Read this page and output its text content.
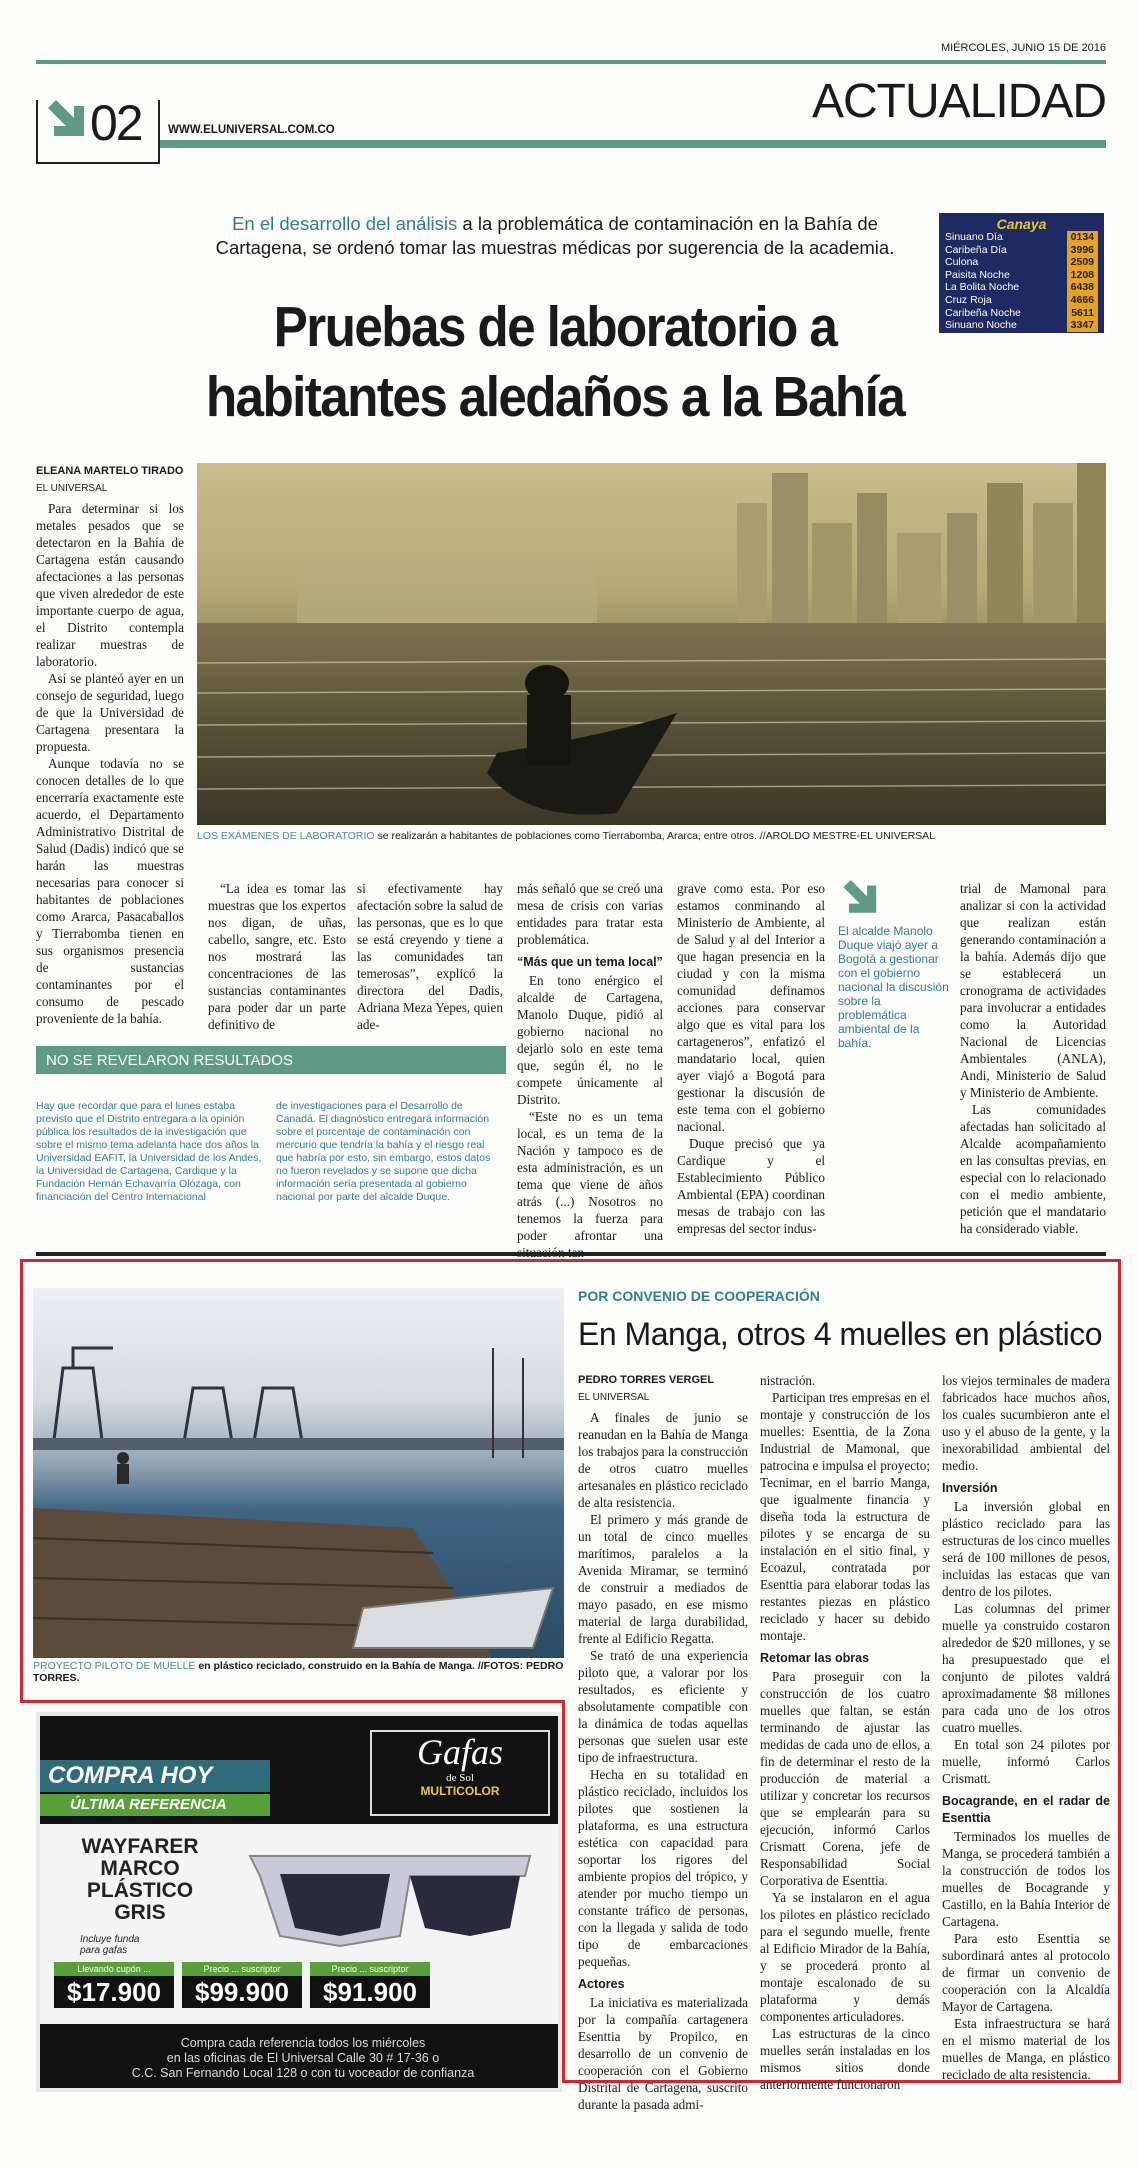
MIÉRCOLES, JUNIO 15 DE 2016
02 WWW.ELUNIVERSAL.COM.CO
ACTUALIDAD
Canaya
Sinuano Día	0134
Caribeña Día	3996
Culona	2509
Paisita Noche	1208
La Bolita Noche	6438
Cruz Roja	4666
Caribeña Noche	5611
Sinuano Noche	3347
En el desarrollo del análisis a la problemática de contaminación en la Bahía de Cartagena, se ordenó tomar las muestras médicas por sugerencia de la academia.
Pruebas de laboratorio a
habitantes aledaños a la Bahía
LOS EXÁMENES DE LABORATORIO se realizarán a habitantes de poblaciones como Tierrabomba, Ararca, entre otros. //AROLDO MESTRE-EL UNIVERSAL
ELEANA MARTELO TIRADO
EL UNIVERSAL

Para determinar si los metales pesados que se detectaron en la Bahía de Cartagena están causando afectaciones a las personas que viven alrededor de este importante cuerpo de agua, el Distrito contempla realizar muestras de laboratorio.

Así se planteó ayer en un consejo de seguridad, luego de que la Universidad de Cartagena presentara la propuesta.

Aunque todavía no se conocen detalles de lo que encerraría exactamente este acuerdo, el Departamento Administrativo Distrital de Salud (Dadis) indicó que se harán las muestras necesarias para conocer si habitantes de poblaciones como Ararca, Pasacaballos y Tierrabomba tienen en sus organismos presencia de sustancias contaminantes por el consumo de pescado proveniente de la bahía.

“La idea es tomar las muestras que los expertos nos digan, de uñas, cabello, sangre, etc. Esto nos mostrará las concentraciones de las sustancias contaminantes para poder dar un parte definitivo de

si efectivamente hay afectación sobre la salud de las personas, que es lo que se está creyendo y tiene a las comunidades tan temerosas”, explicó la directora del Dadis, Adriana Meza Yepes, quien ade-

más señaló que se creó una mesa de crisis con varias entidades para tratar esta problemática.

“Más que un tema local”

En tono enérgico el alcalde de Cartagena, Manolo Duque, pidió al gobierno nacional no dejarlo solo en este tema que, según él, no le compete únicamente al Distrito.

“Este no es un tema local, es un tema de la Nación y tampoco es de esta administración, es un tema que viene de años atrás (...) Nosotros no tenemos la fuerza para poder afrontar una

grave como esta. Por eso estamos conminando al Ministerio de Ambiente, al de Salud y al del Interior a que hagan presencia en la ciudad y con la misma comunidad definamos acciones para conservar algo que es vital para los cartageneros”, enfatizó el mandatario local, quien ayer viajó a Bogotá para gestionar la discusión de este tema con el gobierno nacional.

Duque precisó que ya Cardique y el Establecimiento Público Ambiental (EPA) coordinan mesas de trabajo con las empresas del sector indus-

El alcalde Manolo Duque viajó ayer a Bogotá a gestionar con el gobierno nacional la discusión sobre la problemática ambiental de la bahía.

trial de Mamonal para analizar si con la actividad que realizan están generando contaminación a la bahía. Además dijo que se establecerá un cronograma de actividades para involucrar a entidades como la Autoridad Nacional de Licencias Ambientales (ANLA), Andi, Ministerio de Salud y Ministerio de Ambiente.

Las comunidades afectadas han solicitado al Alcalde acompañamiento en las consultas previas, en especial con lo relacionado con el medio ambiente, petición que el mandatario ha considerado viable.

NO SE REVELARON RESULTADOS
Hay que recordar que para el lunes estaba previsto que el Distrito entregara a la opinión pública los resultados de la investigación que sobre el mismo tema adelanta hace dos años la Universidad EAFIT, la Universidad de los Andes, la Universidad de Cartagena, Cardique y la Fundación Hernán Echavarría Olózaga, con financiación del Centro Internacional
de investigaciones para el Desarrollo de Canadá. El diagnóstico entregará información sobre el porcentaje de contaminación con mercurio que tendría la bahía y el riesgo real que habría por esto, sin embargo, estos datos no fueron revelados y se supone que dicha información sería presentada al gobierno nacional por parte del alcalde Duque.
POR CONVENIO DE COOPERACIÓN
En Manga, otros 4 muelles en plástico
PROYECTO PILOTO DE MUELLE en plástico reciclado, construido en la Bahía de Manga. //FOTOS: PEDRO TORRES.
PEDRO TORRES VERGEL
EL UNIVERSAL

A finales de junio se reanudan en la Bahía de Manga los trabajos para la construcción de otros cuatro muelles artesanales en plástico reciclado de alta resistencia.

El primero y más grande de un total de cinco muelles marítimos, paralelos a la Avenida Miramar, se terminó de construir a mediados de mayo pasado, en ese mismo material de larga durabilidad, frente al Edificio Regatta.

Se trató de una experiencia piloto que, a valorar por los resultados, es eficiente y absolutamente compatible con la dinámica de todas aquellas personas que suelen usar este tipo de infraestructura.

Hecha en su totalidad en plástico reciclado, incluidos los pilotes que sostienen la plataforma, es una estructura estética con capacidad para soportar los rigores del ambiente propios del trópico, y atender por mucho tiempo un constante tráfico de personas, con la llegada y salida de todo tipo de embarcaciones pequeñas.

Actores

La iniciativa es materializada por la compañía cartagenera Esenttia by Propilco, en desarrollo de un convenio de cooperación con el Gobierno Distrital de Cartagena, suscrito durante la pasada admi-

nistración.

Participan tres empresas en el montaje y construcción de los muelles: Esenttia, de la Zona Industrial de Mamonal, que patrocina e impulsa el proyecto; Tecnimar, en el barrio Manga, que igualmente financia y diseña toda la estructura de pilotes y se encarga de su instalación en el sitio final, y Ecoazul, contratada por Esenttia para elaborar todas las restantes piezas en plástico reciclado y hacer su debido montaje.

Retomar las obras

Para proseguir con la construcción de los cuatro muelles que faltan, se están terminando de ajustar las medidas de cada uno de ellos, a fin de determinar el resto de la producción de material a utilizar y concretar los recursos que se emplearán para su ejecución, informó Carlos Crismatt Corena, jefe de Responsabilidad Social Corporativa de Esenttia.

Ya se instalaron en el agua los pilotes en plástico reciclado para el segundo muelle, frente al Edificio Mirador de la Bahía, y se procederá pronto al montaje escalonado de su plataforma y demás componentes articuladores.

Las estructuras de la cinco muelles serán instaladas en los mismos sitios donde anteriormente funcionaron

los viejos terminales de madera fabricados hace muchos años, los cuales sucumbieron ante el uso y el abuso de la gente, y la inexorabilidad ambiental del medio.

Inversión

La inversión global en plástico reciclado para las estructuras de los cinco muelles será de 100 millones de pesos, incluidas las estacas que van dentro de los pilotes.

Las columnas del primer muelle ya construido costaron alrededor de $20 millones, y se ha presupuestado que el conjunto de pilotes valdrá aproximadamente $8 millones para cada uno de los otros cuatro muelles.

En total son 24 pilotes por muelle, informó Carlos Crismatt.

Bocagrande, en el radar de Esenttia

Terminados los muelles de Manga, se procederá también a la construcción de todos los muelles de Bocagrande y Castillo, en la Bahía Interior de Cartagena.

Para esto Esenttia se subordinará antes al protocolo de firmar un convenio de cooperación con la Alcaldía Mayor de Cartagena.

Esta infraestructura se hará en el mismo material de los muelles de Manga, en plástico reciclado de alta resistencia.

COMPRA HOY
ÚLTIMA REFERENCIA
Gafas
de Sol
MULTICOLOR
WAYFARER
MARCO
PLÁSTICO
GRIS
Incluye funda para gafas
Llevando cupón ...
$17.900
Precio ... suscriptor
$99.900
Precio ... suscriptor
$91.900
Compra cada referencia todos los miércoles
en las oficinas de El Universal Calle 30 # 17-36 o
C.C. San Fernando Local 128 o con tu voceador de confianza
